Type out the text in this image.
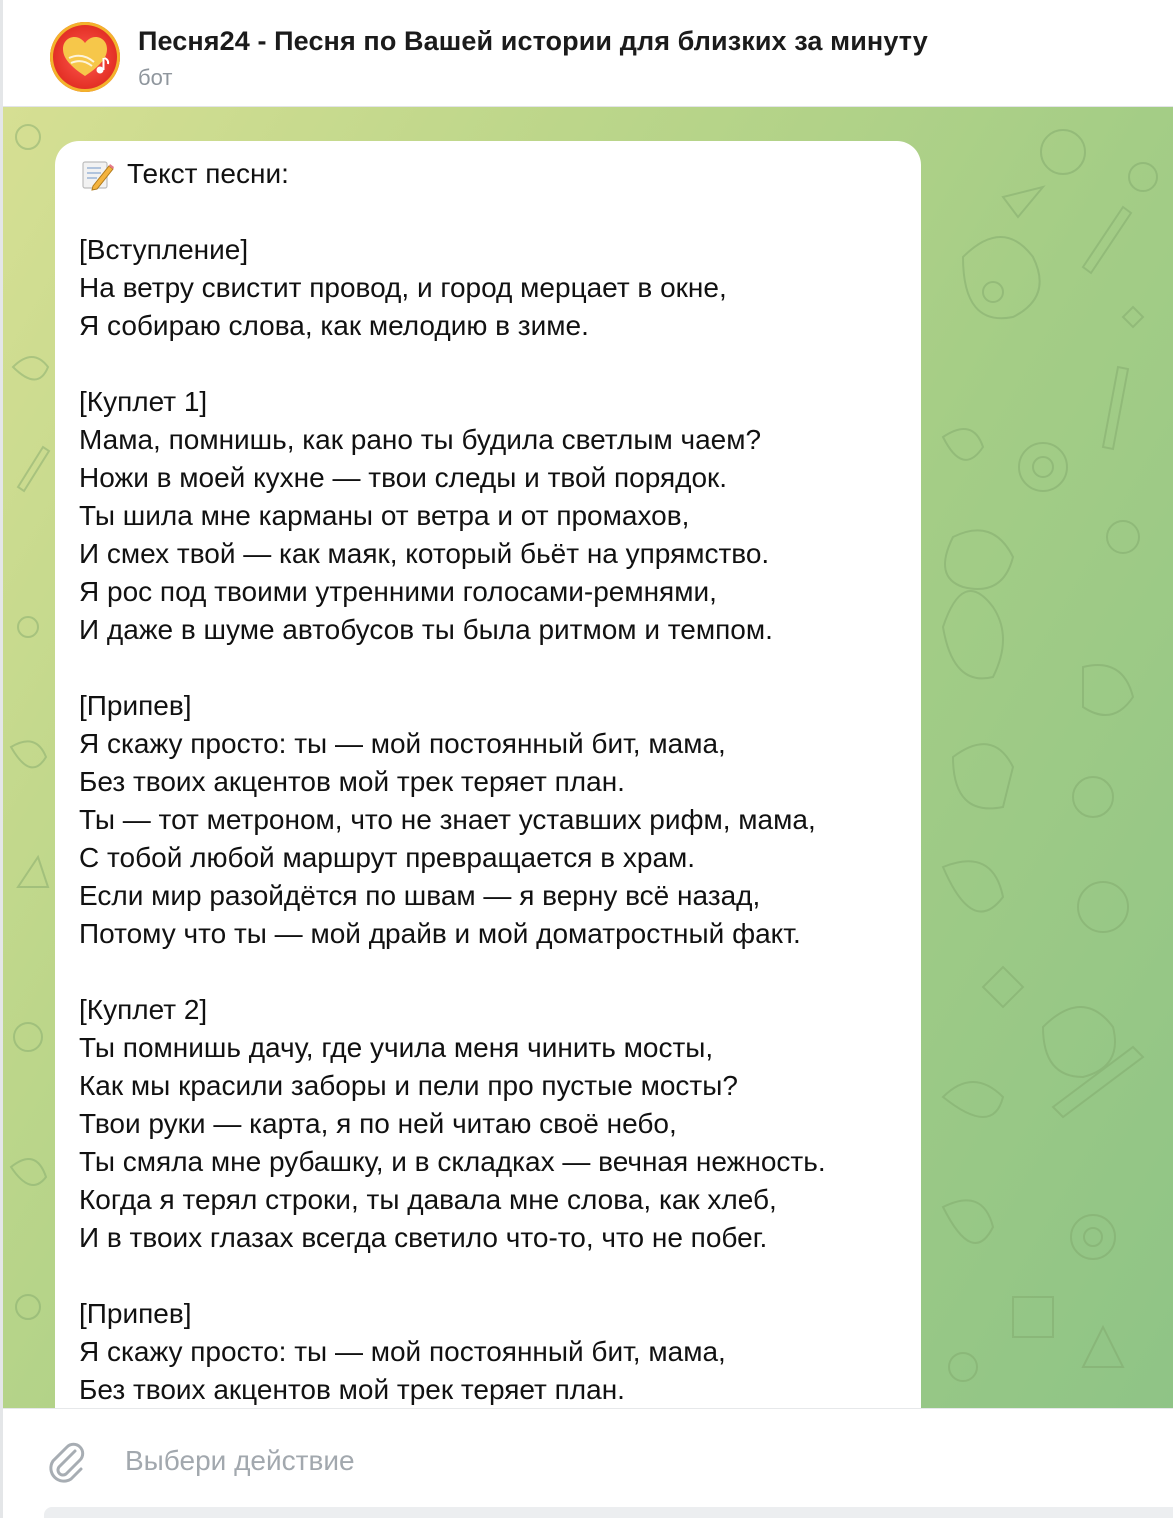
Песня24 - Песня по Вашей истории для близких за минуту
бот
Текст песни:
[Вступление]
На ветру свистит провод, и город мерцает в окне,
Я собираю слова, как мелодию в зиме.
[Куплет 1]
Мама, помнишь, как рано ты будила светлым чаем?
Ножи в моей кухне — твои следы и твой порядок.
Ты шила мне карманы от ветра и от промахов,
И смех твой — как маяк, который бьёт на упрямство.
Я рос под твоими утренними голосами-ремнями,
И даже в шуме автобусов ты была ритмом и темпом.
[Припев]
Я скажу просто: ты — мой постоянный бит, мама,
Без твоих акцентов мой трек теряет план.
Ты — тот метроном, что не знает уставших рифм, мама,
С тобой любой маршрут превращается в храм.
Если мир разойдётся по швам — я верну всё назад,
Потому что ты — мой драйв и мой доматростный факт.
[Куплет 2]
Ты помнишь дачу, где учила меня чинить мосты,
Как мы красили заборы и пели про пустые мосты?
Твои руки — карта, я по ней читаю своё небо,
Ты смяла мне рубашку, и в складках — вечная нежность.
Когда я терял строки, ты давала мне слова, как хлеб,
И в твоих глазах всегда светило что-то, что не побег.
[Припев]
Я скажу просто: ты — мой постоянный бит, мама,
Без твоих акцентов мой трек теряет план.
Выбери действие
